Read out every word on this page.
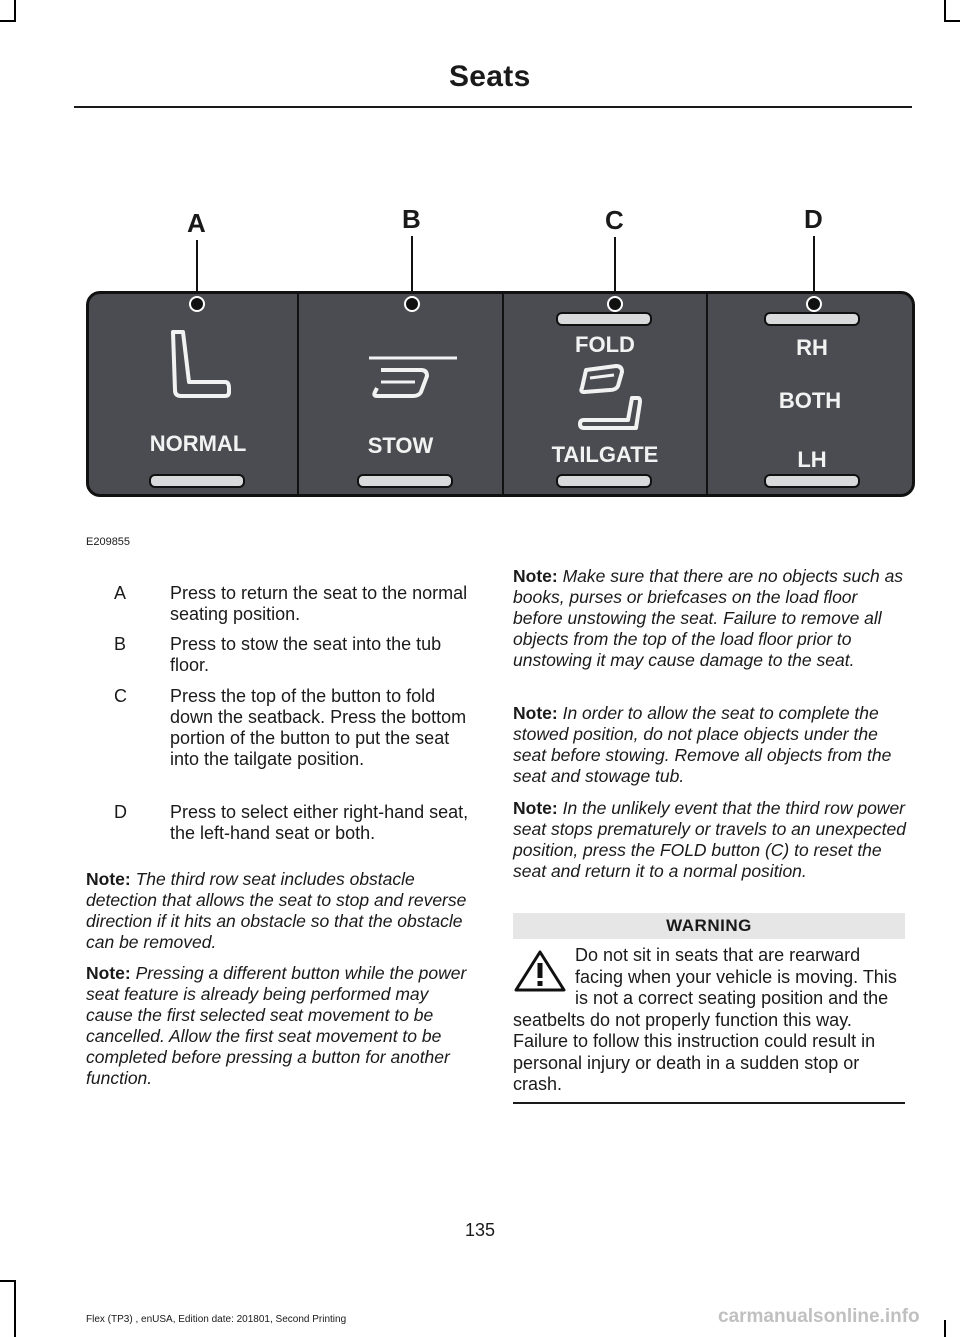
Seats
A	B	C	D
NORMAL	STOW
FOLD
TAILGATE
RH
BOTH
LH
E209855
A Press to return the seat to the normal seating position.
B Press to stow the seat into the tub floor.
C Press the top of the button to fold down the seatback. Press the bottom portion of the button to put the seat into the tailgate position.
D Press to select either right-hand seat, the left-hand seat or both.
Note: The third row seat includes obstacle detection that allows the seat to stop and reverse direction if it hits an obstacle so that the obstacle can be removed.
Note: Pressing a different button while the power seat feature is already being performed may cause the first selected seat movement to be cancelled. Allow the first seat movement to be completed before pressing a button for another function.
Note: Make sure that there are no objects such as books, purses or briefcases on the load floor before unstowing the seat. Failure to remove all objects from the top of the load floor prior to unstowing it may cause damage to the seat.
Note: In order to allow the seat to complete the stowed position, do not place objects under the seat before stowing. Remove all objects from the seat and stowage tub.
Note: In the unlikely event that the third row power seat stops prematurely or travels to an unexpected position, press the FOLD button (C) to reset the seat and return it to a normal position.
WARNING
Do not sit in seats that are rearward facing when your vehicle is moving. This is not a correct seating position and the seatbelts do not properly function this way. Failure to follow this instruction could result in personal injury or death in a sudden stop or crash.
135
Flex (TP3) , enUSA, Edition date: 201801, Second Printing	carmanualsonline.info
